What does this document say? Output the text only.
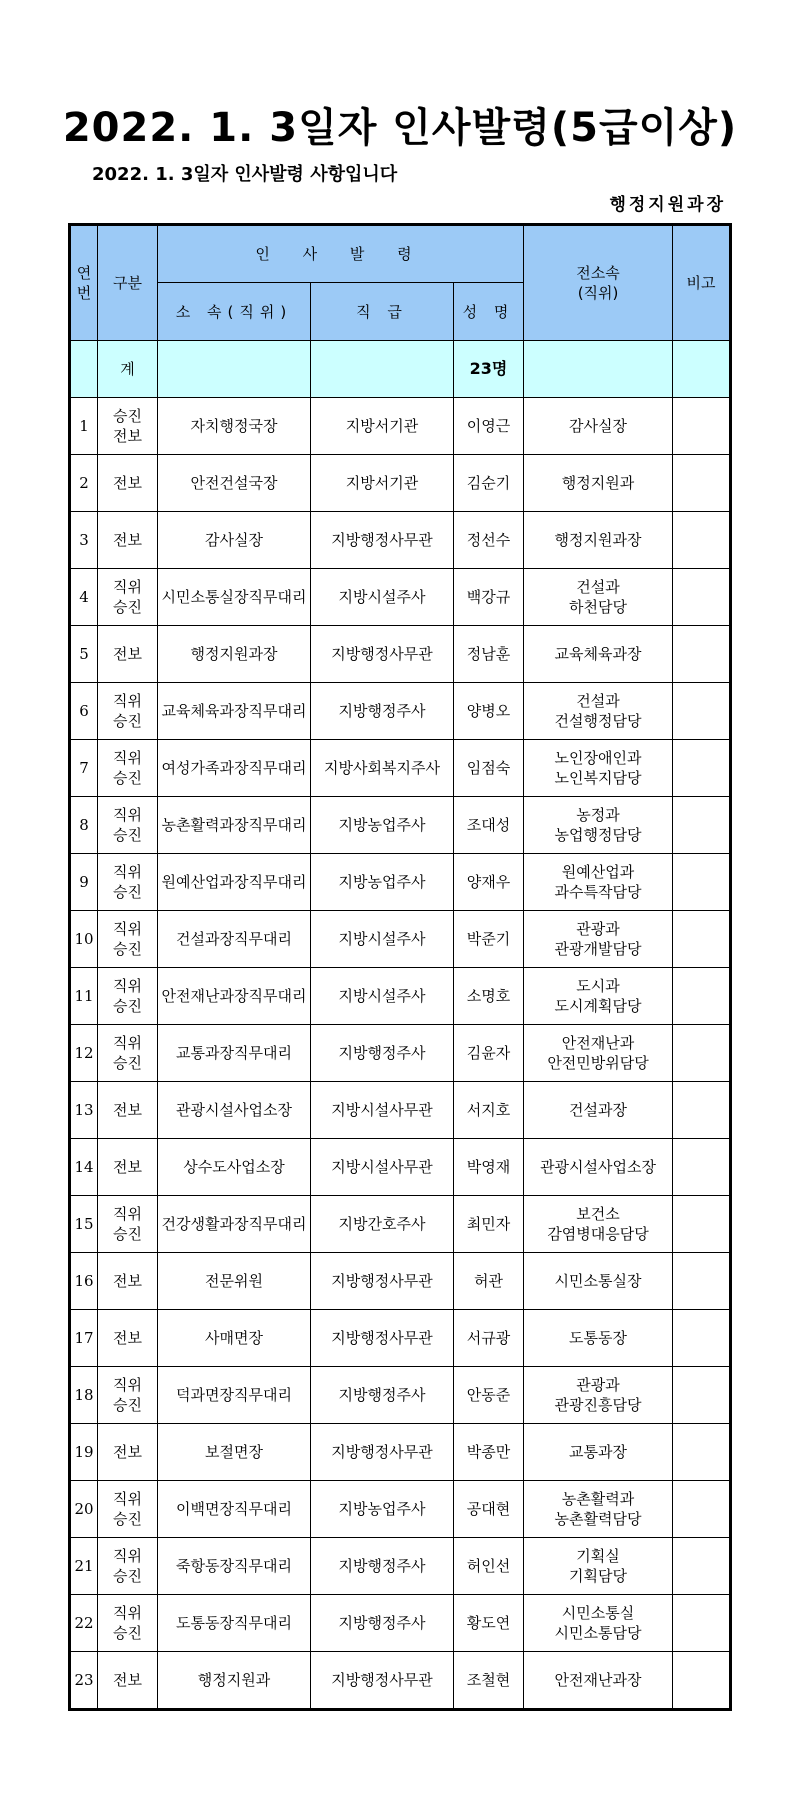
2022. 1. 3일자 인사발령(5급이상)
2022. 1. 3일자 인사발령 사항입니다
행정지원과장
연번	구분	인 사 발 령			전소속
(직위)	비고
		소 속(직위)	직 급	성 명		
	계			23명		
1	승진
전보	자치행정국장	지방서기관	이영근	감사실장	
2	전보	안전건설국장	지방서기관	김순기	행정지원과	
3	전보	감사실장	지방행정사무관	정선수	행정지원과장	
4	직위
승진	시민소통실장직무대리	지방시설주사	백강규	건설과
하천담당	
5	전보	행정지원과장	지방행정사무관	정남훈	교육체육과장	
6	직위
승진	교육체육과장직무대리	지방행정주사	양병오	건설과
건설행정담당	
7	직위
승진	여성가족과장직무대리	지방사회복지주사	임점숙	노인장애인과
노인복지담당	
8	직위
승진	농촌활력과장직무대리	지방농업주사	조대성	농정과
농업행정담당	
9	직위
승진	원예산업과장직무대리	지방농업주사	양재우	원예산업과
과수특작담당	
10	직위
승진	건설과장직무대리	지방시설주사	박준기	관광과
관광개발담당	
11	직위
승진	안전재난과장직무대리	지방시설주사	소명호	도시과
도시계획담당	
12	직위
승진	교통과장직무대리	지방행정주사	김윤자	안전재난과
안전민방위담당	
13	전보	관광시설사업소장	지방시설사무관	서지호	건설과장	
14	전보	상수도사업소장	지방시설사무관	박영재	관광시설사업소장	
15	직위
승진	건강생활과장직무대리	지방간호주사	최민자	보건소
감염병대응담당	
16	전보	전문위원	지방행정사무관	허관	시민소통실장	
17	전보	사매면장	지방행정사무관	서규광	도통동장	
18	직위
승진	덕과면장직무대리	지방행정주사	안동준	관광과
관광진흥담당	
19	전보	보절면장	지방행정사무관	박종만	교통과장	
20	직위
승진	이백면장직무대리	지방농업주사	공대현	농촌활력과
농촌활력담당	
21	직위
승진	죽항동장직무대리	지방행정주사	허인선	기획실
기획담당	
22	직위
승진	도통동장직무대리	지방행정주사	황도연	시민소통실
시민소통담당	
23	전보	행정지원과	지방행정사무관	조철현	안전재난과장	
